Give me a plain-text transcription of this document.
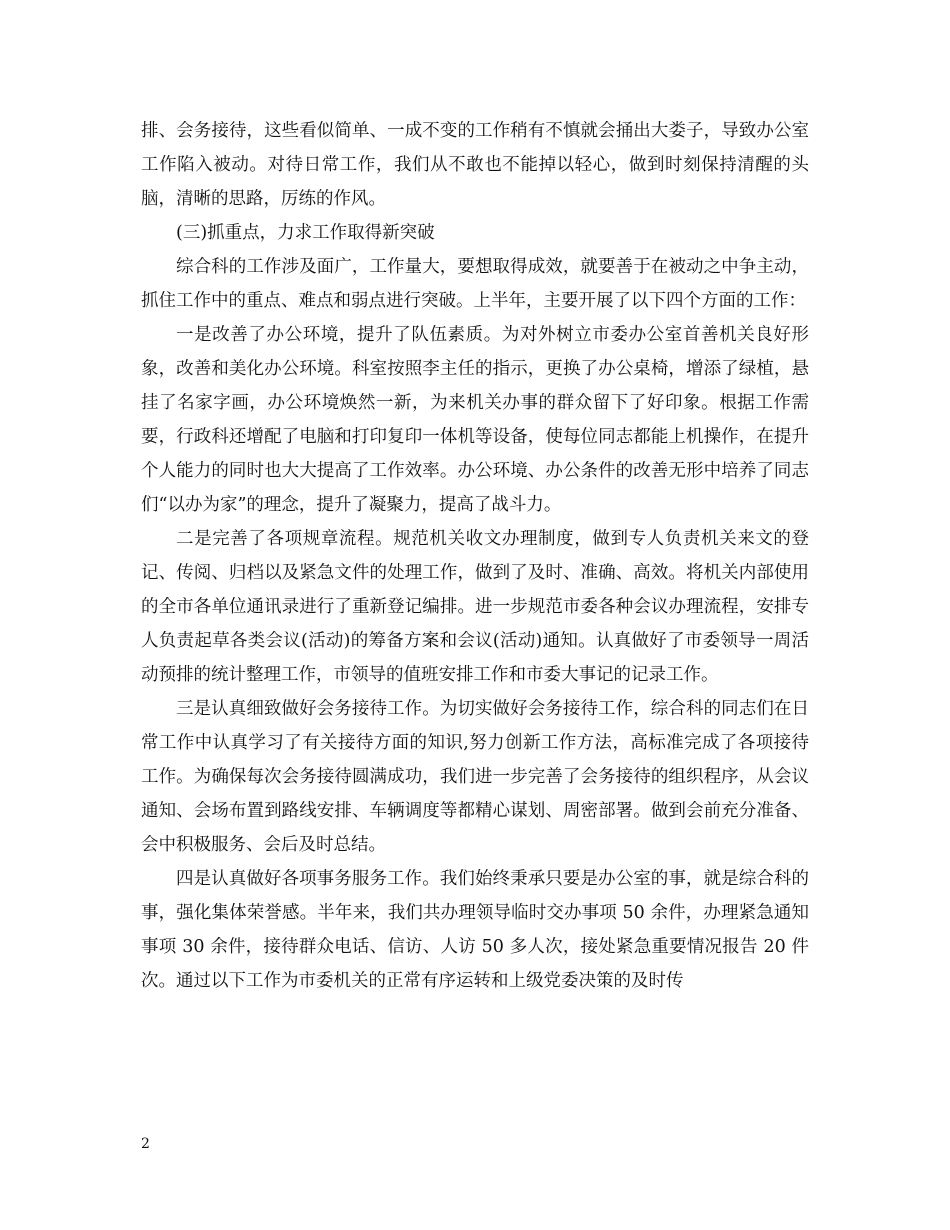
排、会务接待，这些看似简单、一成不变的工作稍有不慎就会捅出大娄子，导致办公室工作陷入被动。对待日常工作，我们从不敢也不能掉以轻心，做到时刻保持清醒的头脑，清晰的思路，厉练的作风。

(三)抓重点，力求工作取得新突破

综合科的工作涉及面广，工作量大，要想取得成效，就要善于在被动之中争主动，抓住工作中的重点、难点和弱点进行突破。上半年，主要开展了以下四个方面的工作：

一是改善了办公环境，提升了队伍素质。为对外树立市委办公室首善机关良好形象，改善和美化办公环境。科室按照李主任的指示，更换了办公桌椅，增添了绿植，悬挂了名家字画，办公环境焕然一新，为来机关办事的群众留下了好印象。根据工作需要，行政科还增配了电脑和打印复印一体机等设备，使每位同志都能上机操作，在提升个人能力的同时也大大提高了工作效率。办公环境、办公条件的改善无形中培养了同志们“以办为家”的理念，提升了凝聚力，提高了战斗力。

二是完善了各项规章流程。规范机关收文办理制度，做到专人负责机关来文的登记、传阅、归档以及紧急文件的处理工作，做到了及时、准确、高效。将机关内部使用的全市各单位通讯录进行了重新登记编排。进一步规范市委各种会议办理流程，安排专人负责起草各类会议(活动)的筹备方案和会议(活动)通知。认真做好了市委领导一周活动预排的统计整理工作，市领导的值班安排工作和市委大事记的记录工作。

三是认真细致做好会务接待工作。为切实做好会务接待工作，综合科的同志们在日常工作中认真学习了有关接待方面的知识,努力创新工作方法，高标准完成了各项接待工作。为确保每次会务接待圆满成功，我们进一步完善了会务接待的组织程序，从会议通知、会场布置到路线安排、车辆调度等都精心谋划、周密部署。做到会前充分准备、会中积极服务、会后及时总结。

四是认真做好各项事务服务工作。我们始终秉承只要是办公室的事，就是综合科的事，强化集体荣誉感。半年来，我们共办理领导临时交办事项 50 余件，办理紧急通知事项 30 余件，接待群众电话、信访、人访 50 多人次，接处紧急重要情况报告 20 件次。通过以下工作为市委机关的正常有序运转和上级党委决策的及时传

2
